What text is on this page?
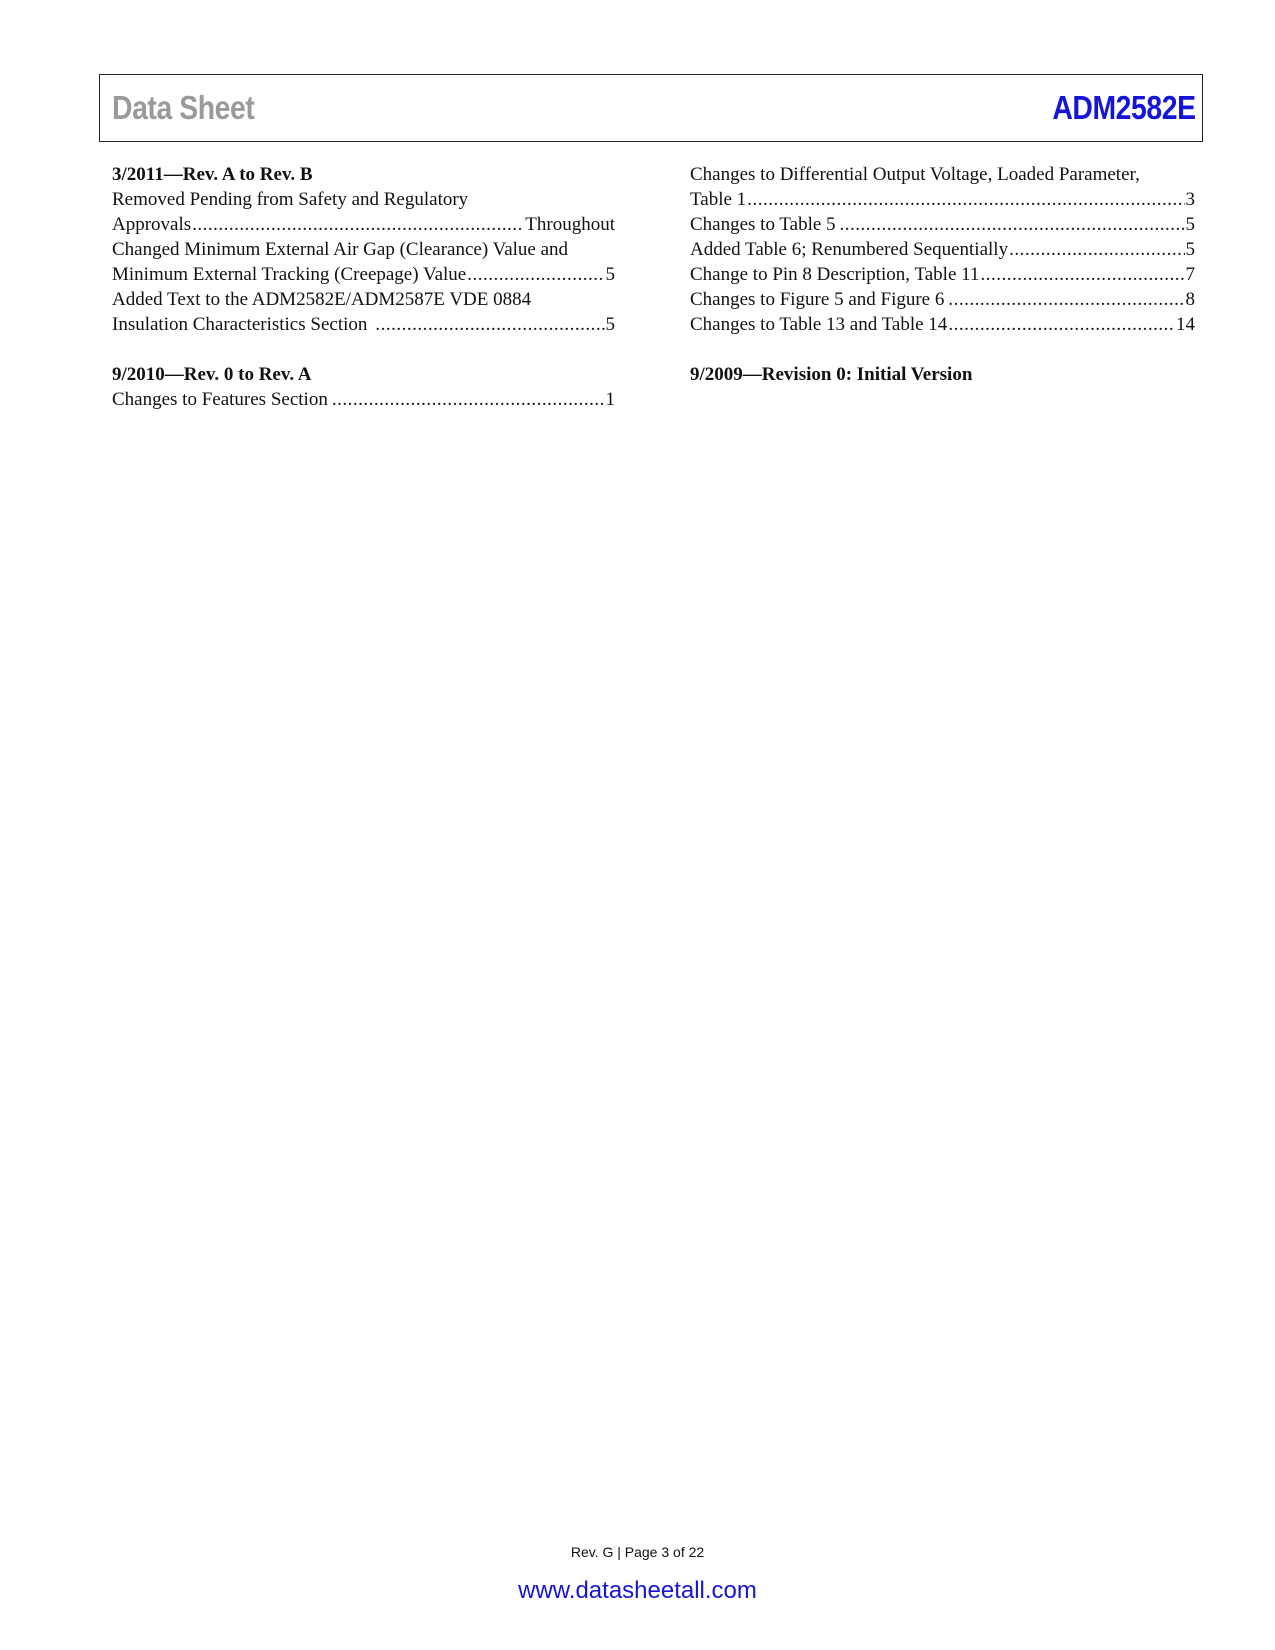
Data Sheet	ADM2582E
3/2011—Rev. A to Rev. B
Removed Pending from Safety and Regulatory
Approvals .....	Throughout
Changed Minimum External Air Gap (Clearance) Value and
Minimum External Tracking (Creepage) Value .....	5
Added Text to the ADM2582E/ADM2587E VDE 0884
Insulation Characteristics Section .....	5
9/2010—Rev. 0 to Rev. A
Changes to Features Section .....	1
Changes to Differential Output Voltage, Loaded Parameter,
Table 1 .....	3
Changes to Table 5 .....	5
Added Table 6; Renumbered Sequentially .....	5
Change to Pin 8 Description, Table 11 .....	7
Changes to Figure 5 and Figure 6 .....	8
Changes to Table 13 and Table 14 .....	14
9/2009—Revision 0: Initial Version
Rev. G | Page 3 of 22
www.datasheetall.com
